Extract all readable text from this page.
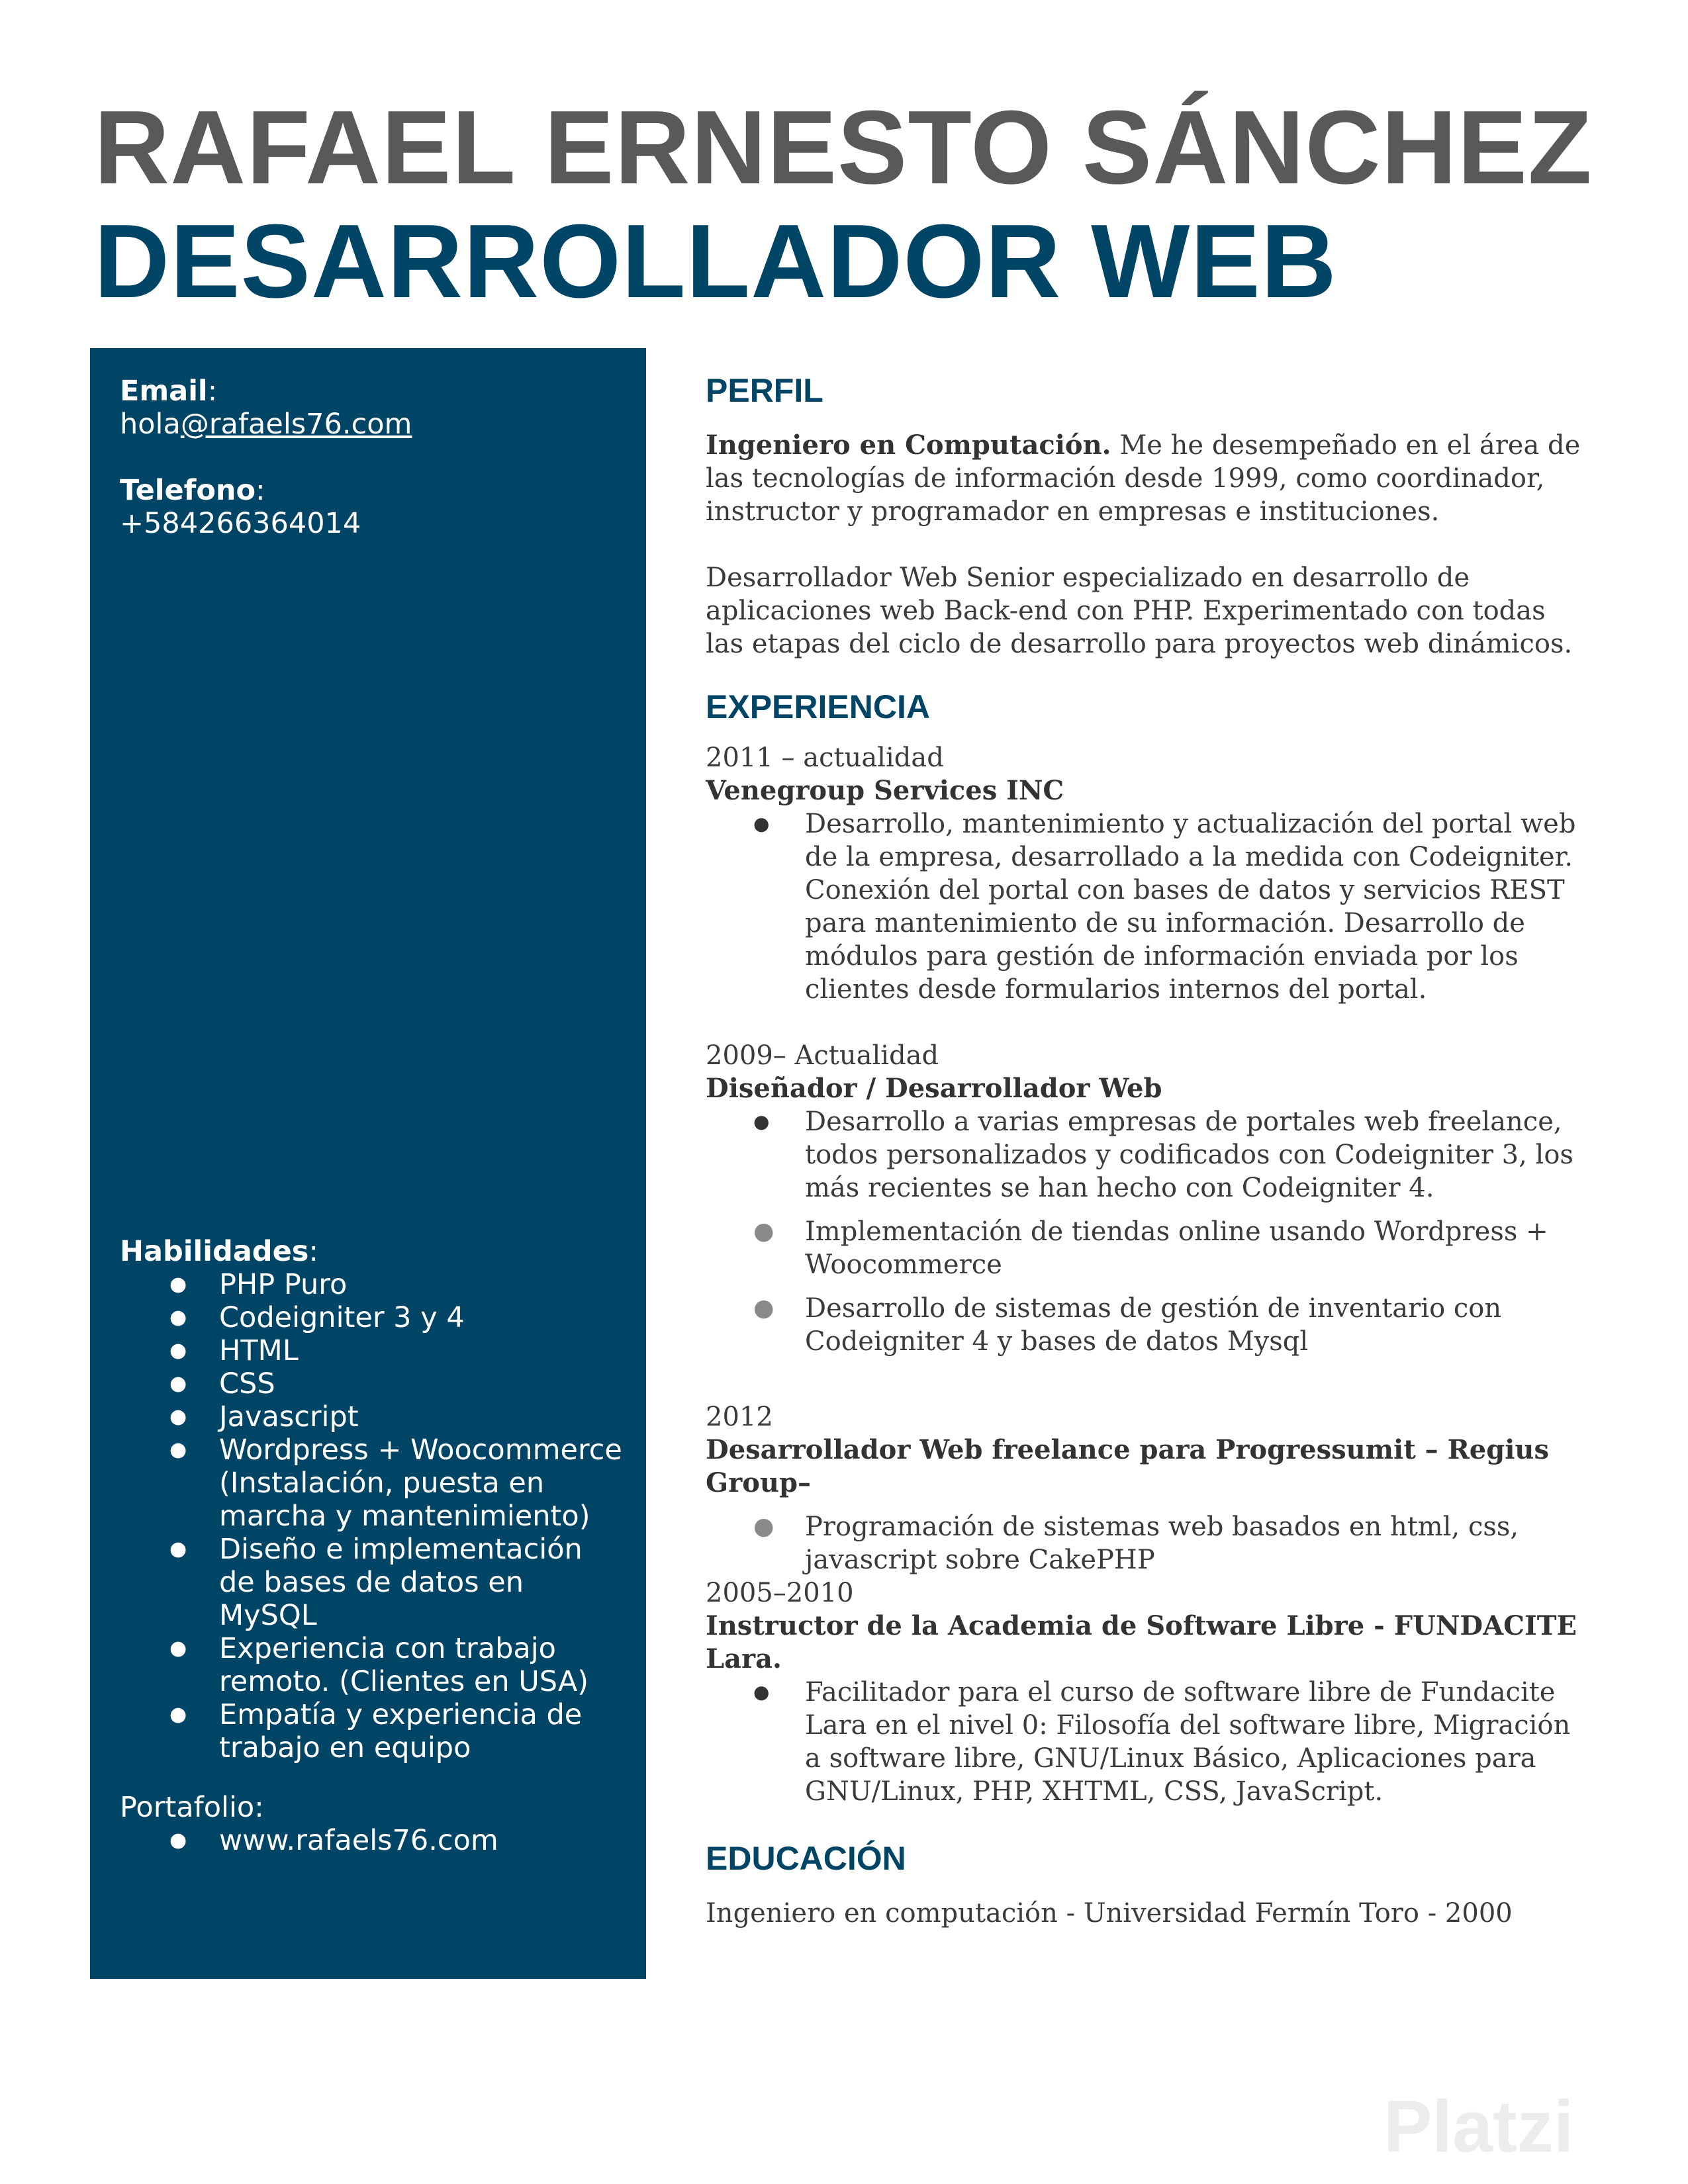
RAFAEL ERNESTO SÁNCHEZ
DESARROLLADOR WEB

Email:

hola@rafaels76.com

Telefono:

+584266364014

Habilidades:

● PHP Puro
● Codeigniter 3 y 4
● HTML
● CSS
● Javascript
● Wordpress + Woocommerce (Instalación, puesta en marcha y mantenimiento)
● Diseño e implementación de bases de datos en MySQL
● Experiencia con trabajo remoto. (Clientes en USA)
● Empatía y experiencia de trabajo en equipo

Portafolio:

● www.rafaels76.com
PERFIL

Ingeniero en Computación. Me he desempeñado en el área de las tecnologías de información desde 1999, como coordinador, instructor y programador en empresas e instituciones.

Desarrollador Web Senior especializado en desarrollo de aplicaciones web Back-end con PHP. Experimentado con todas las etapas del ciclo de desarrollo para proyectos web dinámicos.

EXPERIENCIA

2011 – actualidad

Venegroup Services INC

● Desarrollo, mantenimiento y actualización del portal web de la empresa, desarrollado a la medida con Codeigniter. Conexión del portal con bases de datos y servicios REST para mantenimiento de su información. Desarrollo de módulos para gestión de información enviada por los clientes desde formularios internos del portal.

2009– Actualidad

Diseñador / Desarrollador Web

● Desarrollo a varias empresas de portales web freelance, todos personalizados y codificados con Codeigniter 3, los más recientes se han hecho con Codeigniter 4.
● Implementación de tiendas online usando Wordpress + Woocommerce
● Desarrollo de sistemas de gestión de inventario con Codeigniter 4 y bases de datos Mysql

2012

Desarrollador Web freelance para Progressumit – Regius Group–

● Programación de sistemas web basados en html, css, javascript sobre CakePHP

2005–2010

Instructor de la Academia de Software Libre - FUNDACITE Lara.

● Facilitador para el curso de software libre de Fundacite Lara en el nivel 0: Filosofía del software libre, Migración a software libre, GNU/Linux Básico, Aplicaciones para GNU/Linux, PHP, XHTML, CSS, JavaScript.
EDUCACIÓN

Ingeniero en computación - Universidad Fermín Toro - 2000

Platzi
